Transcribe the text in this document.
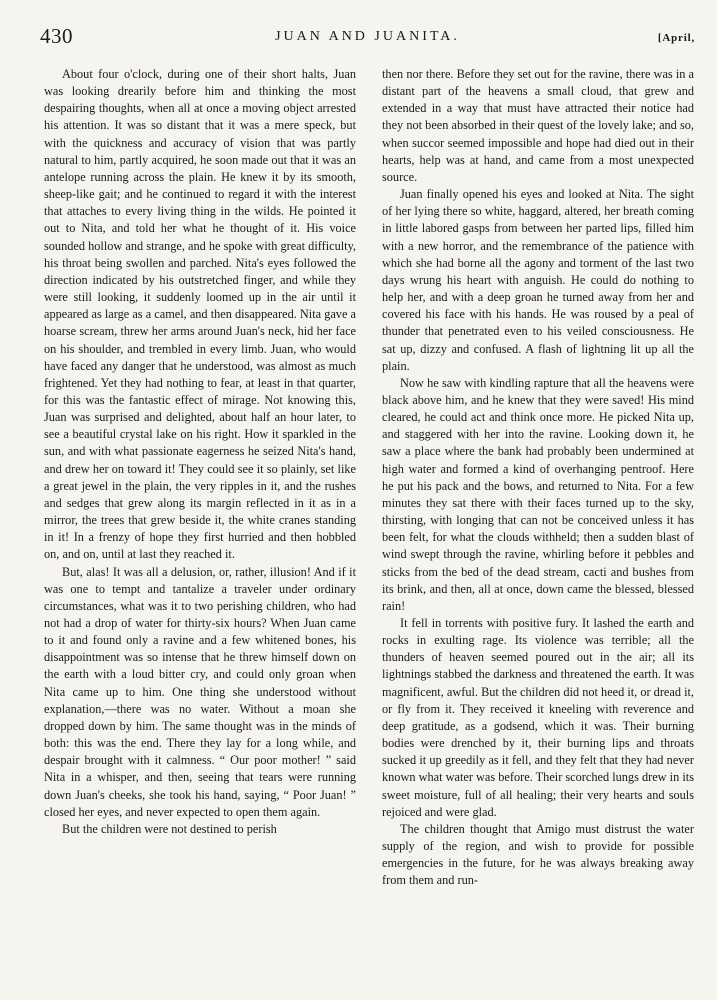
430	JUAN AND JUANITA.	[April,

About four o'clock, during one of their short halts, Juan was looking drearily before him and thinking the most despairing thoughts, when all at once a moving object arrested his attention. It was so distant that it was a mere speck, but with the quickness and accuracy of vision that was partly natural to him, partly acquired, he soon made out that it was an antelope running across the plain. He knew it by its smooth, sheep-like gait; and he continued to regard it with the interest that attaches to every living thing in the wilds. He pointed it out to Nita, and told her what he thought of it. His voice sounded hollow and strange, and he spoke with great difficulty, his throat being swollen and parched. Nita's eyes followed the direction indicated by his outstretched finger, and while they were still looking, it suddenly loomed up in the air until it appeared as large as a camel, and then disappeared. Nita gave a hoarse scream, threw her arms around Juan's neck, hid her face on his shoulder, and trembled in every limb. Juan, who would have faced any danger that he understood, was almost as much frightened. Yet they had nothing to fear, at least in that quarter, for this was the fantastic effect of mirage. Not knowing this, Juan was surprised and delighted, about half an hour later, to see a beautiful crystal lake on his right. How it sparkled in the sun, and with what passionate eagerness he seized Nita's hand, and drew her on toward it! They could see it so plainly, set like a great jewel in the plain, the very ripples in it, and the rushes and sedges that grew along its margin reflected in it as in a mirror, the trees that grew beside it, the white cranes standing in it! In a frenzy of hope they first hurried and then hobbled on, and on, until at last they reached it.

But, alas! It was all a delusion, or, rather, illusion! And if it was one to tempt and tantalize a traveler under ordinary circumstances, what was it to two perishing children, who had not had a drop of water for thirty-six hours? When Juan came to it and found only a ravine and a few whitened bones, his disappointment was so intense that he threw himself down on the earth with a loud bitter cry, and could only groan when Nita came up to him. One thing she understood without explanation,—there was no water. Without a moan she dropped down by him. The same thought was in the minds of both: this was the end. There they lay for a long while, and despair brought with it calmness. “ Our poor mother! ” said Nita in a whisper, and then, seeing that tears were running down Juan's cheeks, she took his hand, saying, “ Poor Juan! ” closed her eyes, and never expected to open them again.

But the children were not destined to perish

then nor there. Before they set out for the ravine, there was in a distant part of the heavens a small cloud, that grew and extended in a way that must have attracted their notice had they not been absorbed in their quest of the lovely lake; and so, when succor seemed impossible and hope had died out in their hearts, help was at hand, and came from a most unexpected source.

Juan finally opened his eyes and looked at Nita. The sight of her lying there so white, haggard, altered, her breath coming in little labored gasps from between her parted lips, filled him with a new horror, and the remembrance of the patience with which she had borne all the agony and torment of the last two days wrung his heart with anguish. He could do nothing to help her, and with a deep groan he turned away from her and covered his face with his hands. He was roused by a peal of thunder that penetrated even to his veiled consciousness. He sat up, dizzy and confused. A flash of lightning lit up all the plain.

Now he saw with kindling rapture that all the heavens were black above him, and he knew that they were saved! His mind cleared, he could act and think once more. He picked Nita up, and staggered with her into the ravine. Looking down it, he saw a place where the bank had probably been undermined at high water and formed a kind of overhanging pentroof. Here he put his pack and the bows, and returned to Nita. For a few minutes they sat there with their faces turned up to the sky, thirsting, with longing that can not be conceived unless it has been felt, for what the clouds withheld; then a sudden blast of wind swept through the ravine, whirling before it pebbles and sticks from the bed of the dead stream, cacti and bushes from its brink, and then, all at once, down came the blessed, blessed rain!

It fell in torrents with positive fury. It lashed the earth and rocks in exulting rage. Its violence was terrible; all the thunders of heaven seemed poured out in the air; all its lightnings stabbed the darkness and threatened the earth. It was magnificent, awful. But the children did not heed it, or dread it, or fly from it. They received it kneeling with reverence and deep gratitude, as a godsend, which it was. Their burning bodies were drenched by it, their burning lips and throats sucked it up greedily as it fell, and they felt that they had never known what water was before. Their scorched lungs drew in its sweet moisture, full of all healing; their very hearts and souls rejoiced and were glad.

The children thought that Amigo must distrust the water supply of the region, and wish to provide for possible emergencies in the future, for he was always breaking away from them and run-
